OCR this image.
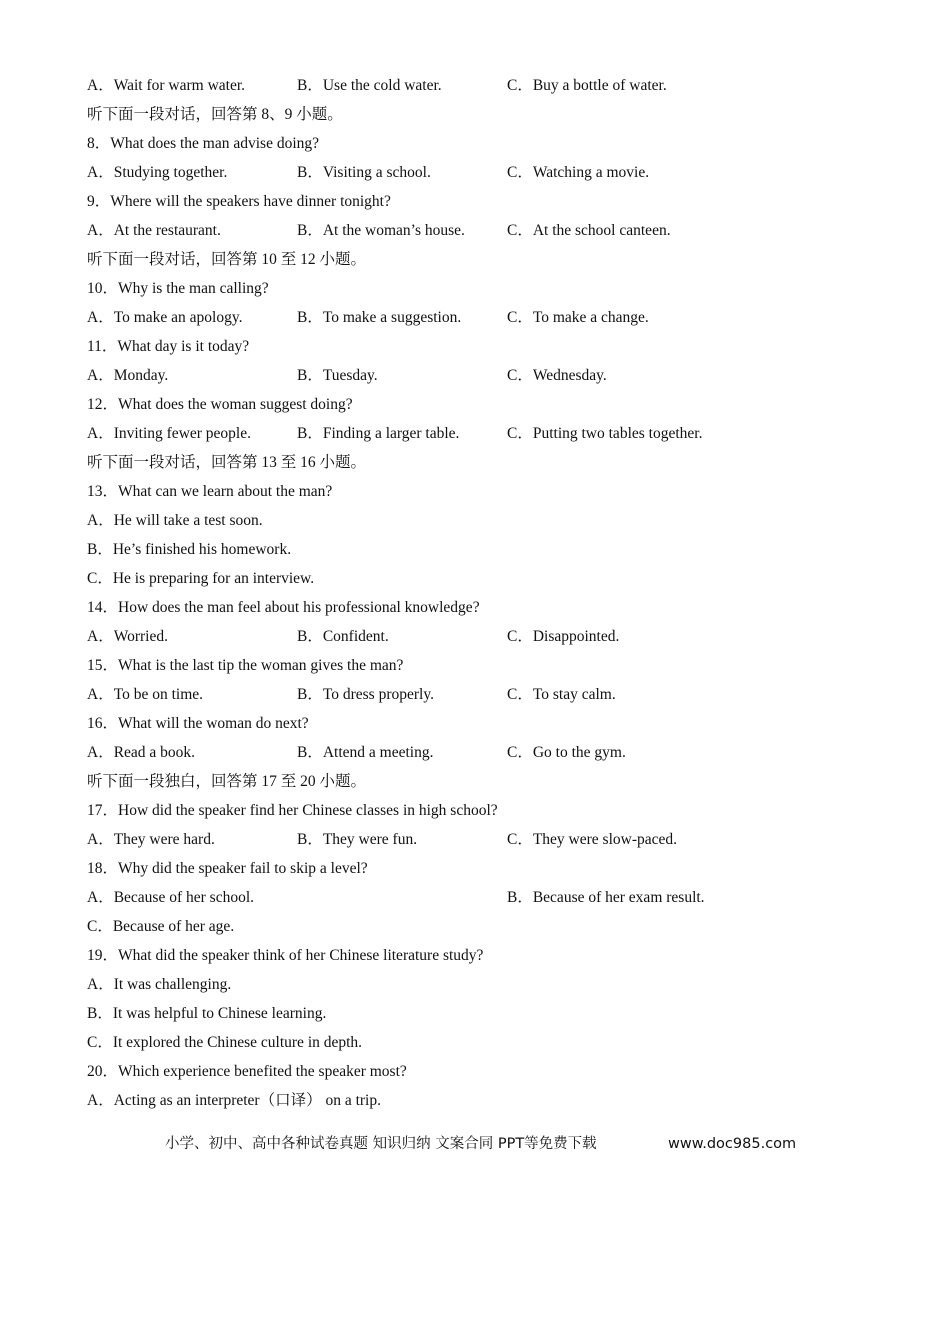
A．Wait for warm water.	B．Use the cold water.	C．Buy a bottle of water.
听下面一段对话，回答第 8、9 小题。
8．What does the man advise doing?
A．Studying together.	B．Visiting a school.	C．Watching a movie.
9．Where will the speakers have dinner tonight?
A．At the restaurant.	B．At the woman’s house.	C．At the school canteen.
听下面一段对话，回答第 10 至 12 小题。
10．Why is the man calling?
A．To make an apology.	B．To make a suggestion.	C．To make a change.
11．What day is it today?
A．Monday.	B．Tuesday.	C．Wednesday.
12．What does the woman suggest doing?
A．Inviting fewer people.	B．Finding a larger table.	C．Putting two tables together.
听下面一段对话，回答第 13 至 16 小题。
13．What can we learn about the man?
A．He will take a test soon.
B．He’s finished his homework.
C．He is preparing for an interview.
14．How does the man feel about his professional knowledge?
A．Worried.	B．Confident.	C．Disappointed.
15．What is the last tip the woman gives the man?
A．To be on time.	B．To dress properly.	C．To stay calm.
16．What will the woman do next?
A．Read a book.	B．Attend a meeting.	C．Go to the gym.
听下面一段独白，回答第 17 至 20 小题。
17．How did the speaker find her Chinese classes in high school?
A．They were hard.	B．They were fun.	C．They were slow-paced.
18．Why did the speaker fail to skip a level?
A．Because of her school.	B．Because of her exam result.
C．Because of her age.
19．What did the speaker think of her Chinese literature study?
A．It was challenging.
B．It was helpful to Chinese learning.
C．It explored the Chinese culture in depth.
20．Which experience benefited the speaker most?
A．Acting as an interpreter（口译） on a trip.
小学、初中、高中各种试卷真题 知识归纳 文案合同 PPT等免费下载	www.doc985.com
